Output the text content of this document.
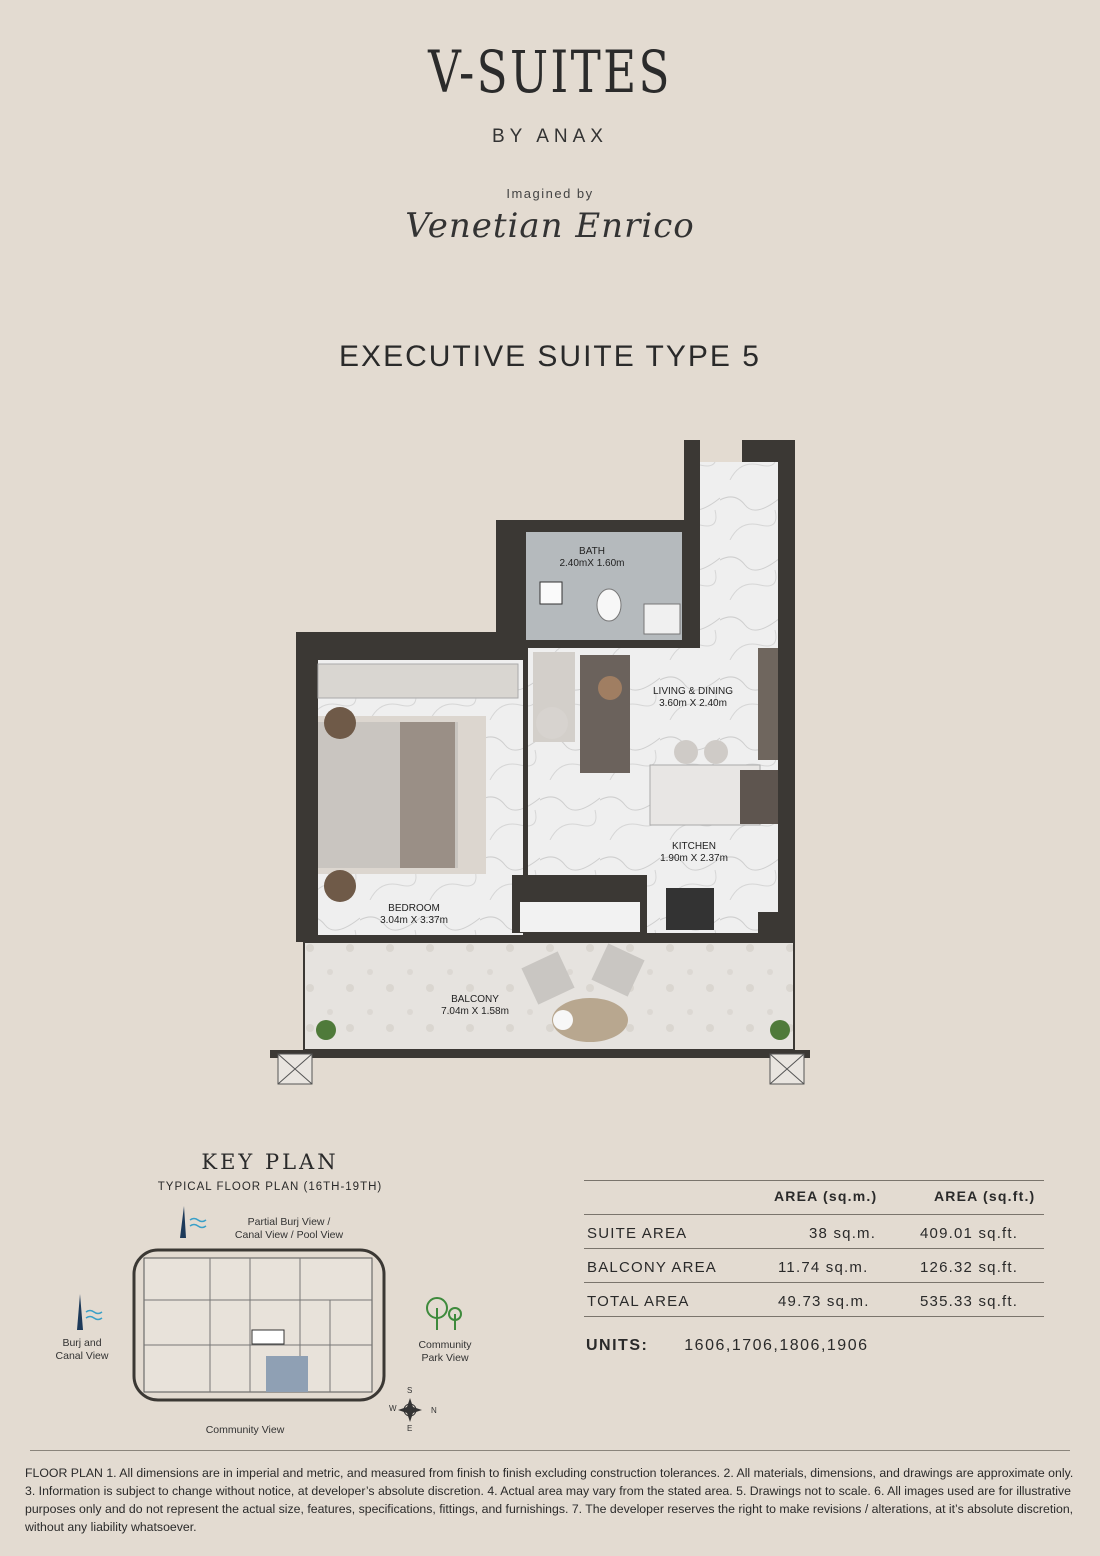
V-SUITES
BY ANAX
Imagined by
Venetian Enrico
EXECUTIVE SUITE TYPE 5
BATH
2.40mX 1.60m
LIVING & DINING
3.60m X 2.40m
KITCHEN
1.90m X 2.37m
BEDROOM
3.04m X 3.37m
BALCONY
7.04m X 1.58m
KEY PLAN
TYPICAL FLOOR PLAN (16TH-19TH)
Partial Burj View /
Canal View / Pool View
Burj and
Canal View
Community
Park View
Community View
S
N
E
W
AREA (sq.m.)	AREA (sq.ft.)
SUITE AREA	38 sq.m.	409.01 sq.ft.
BALCONY AREA	11.74 sq.m.	126.32 sq.ft.
TOTAL AREA	49.73 sq.m.	535.33 sq.ft.
UNITS: 1606,1706,1806,1906
FLOOR PLAN 1. All dimensions are in imperial and metric, and measured from finish to finish excluding construction tolerances. 2. All materials, dimensions, and drawings are approximate only. 3. Information is subject to change without notice, at developer’s absolute discretion. 4. Actual area may vary from the stated area. 5. Drawings not to scale. 6. All images used are for illustrative purposes only and do not represent the actual size, features, specifications, fittings, and furnishings. 7. The developer reserves the right to make revisions / alterations, at it’s absolute discretion, without any liability whatsoever.
